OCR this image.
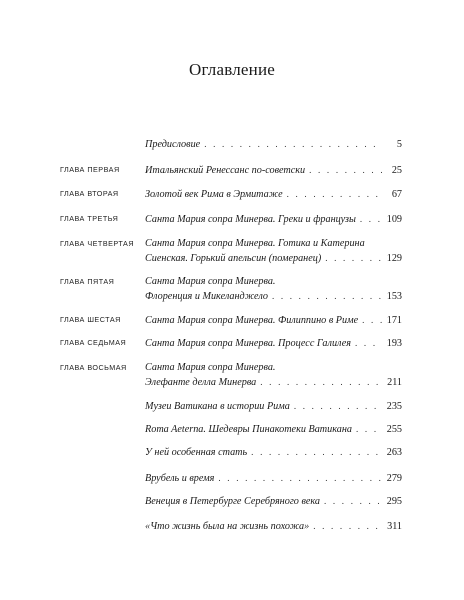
Оглавление
Предисловие . . .	5
ГЛАВА ПЕРВАЯ Итальянский Ренессанс по-советски . . .	25
ГЛАВА ВТОРАЯ	Золотой век Рима в Эрмитаже . . .	67
ГЛАВА ТРЕТЬЯ	Санта Мария сопра Минерва. Греки и французы . . .	109
ГЛАВА ЧЕТВЕРТАЯ Санта Мария сопра Минерва. Готика и Катерина
Сиенская. Горький апельсин (померанец) . . .	129
ГЛАВА ПЯТАЯ	Санта Мария сопра Минерва.
Флоренция и Микеланджело . . .	153
ГЛАВА ШЕСТАЯ Санта Мария сопра Минерва. Филиппино в Риме . . .	171
ГЛАВА СЕДЬМАЯ Санта Мария сопра Минерва. Процесс Галилея . . .	193
ГЛАВА ВОСЬМАЯ Санта Мария сопра Минерва.
Элефанте делла Минерва . . .	211
Музеи Ватикана в истории Рима . . .	235
Roma Aeterna. Шедевры Пинакотеки Ватикана . . .	255
У ней особенная стать . . .	263
Врубель и время . . .	279
Венеция в Петербурге Серебряного века . . .	295
«Что жизнь была на жизнь похожа» . . .	311
